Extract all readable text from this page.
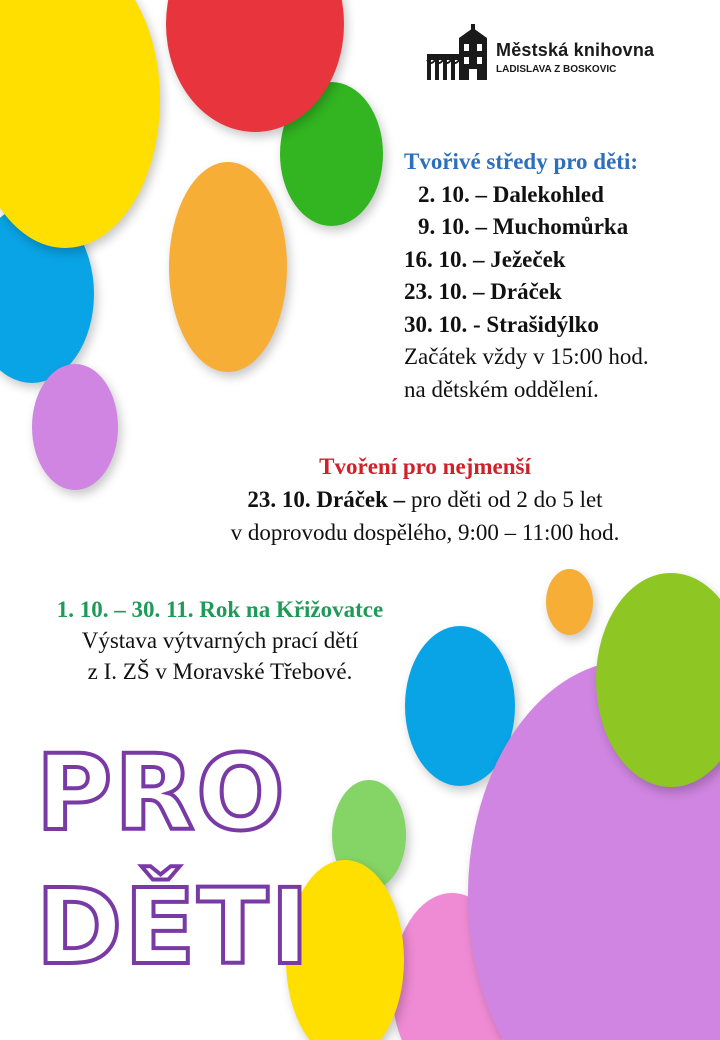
Městská knihovna
LADISLAVA Z BOSKOVIC
Tvořivé středy pro děti:
2. 10. – Dalekohled
9. 10. – Muchomůrka
16. 10. – Ježeček
23. 10. – Dráček
30. 10. - Strašidýlko
Začátek vždy v 15:00 hod.
na dětském oddělení.
Tvoření pro nejmenší
23. 10. Dráček – pro děti od 2 do 5 let
v doprovodu dospělého, 9:00 – 11:00 hod.
1. 10. – 30. 11. Rok na Křižovatce
Výstava výtvarných prací dětí
z I. ZŠ v Moravské Třebové.
PRO
DĚTI
